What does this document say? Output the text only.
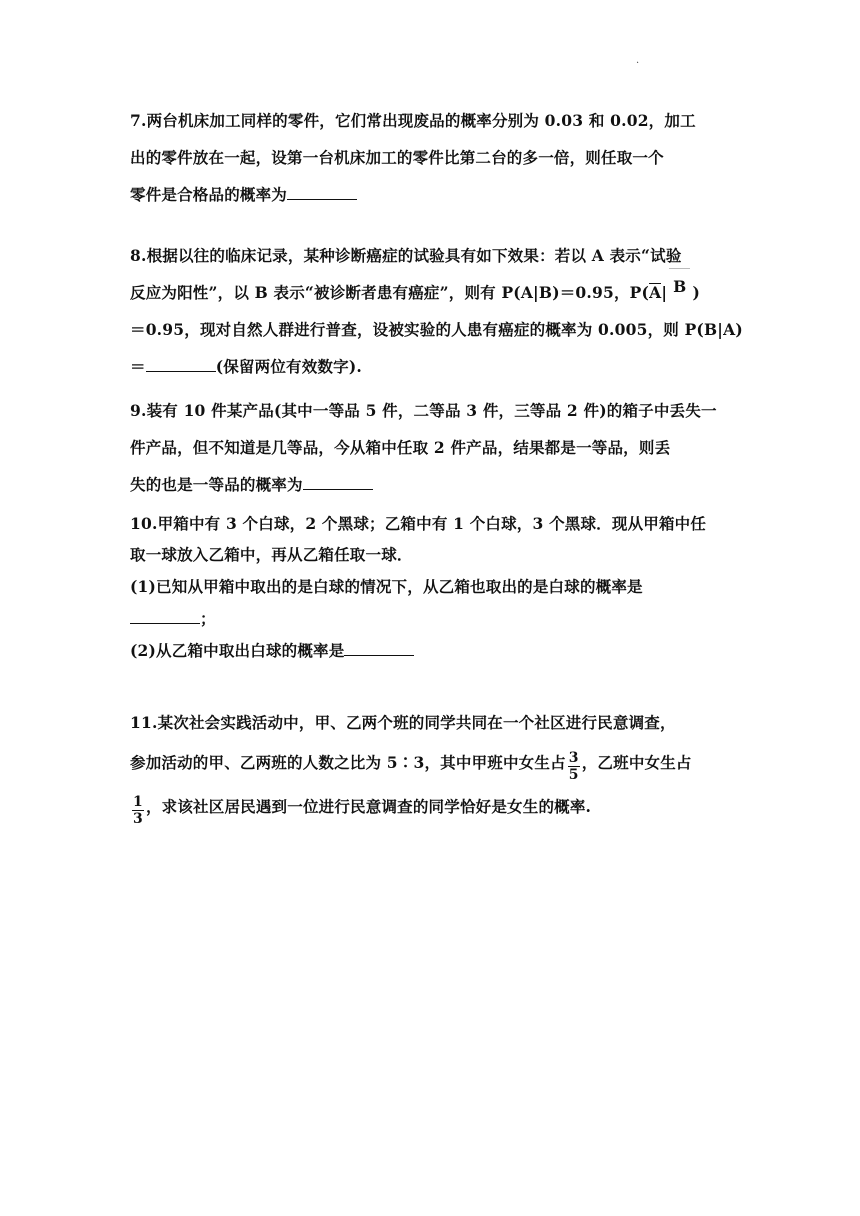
·

7.两台机床加工同样的零件，它们常出现废品的概率分别为 0.03 和 0.02，加工

出的零件放在一起，设第一台机床加工的零件比第二台的多一倍，则任取一个

零件是合格品的概率为

8.根据以往的临床记录，某种诊断癌症的试验具有如下效果：若以 A 表示“试验

反应为阳性”，以 B 表示“被诊断者患有癌症”，则有 P(A|B)＝0.95，P(A| B )

＝0.95，现对自然人群进行普查，设被实验的人患有癌症的概率为 0.005，则 P(B|A)

＝	(保留两位有效数字).

9.装有 10 件某产品(其中一等品 5 件，二等品 3 件，三等品 2 件)的箱子中丢失一

件产品，但不知道是几等品，今从箱中任取 2 件产品，结果都是一等品，则丢

失的也是一等品的概率为

10.甲箱中有 3 个白球，2 个黑球；乙箱中有 1 个白球，3 个黑球．现从甲箱中任

取一球放入乙箱中，再从乙箱任取一球．

(1)已知从甲箱中取出的是白球的情况下，从乙箱也取出的是白球的概率是

；

(2)从乙箱中取出白球的概率是

11.某次社会实践活动中，甲、乙两个班的同学共同在一个社区进行民意调查，

参加活动的甲、乙两班的人数之比为 5∶3，其中甲班中女生占 $\frac{3}{5}$ ，乙班中女生占

$\frac{1}{3}$ ，求该社区居民遇到一位进行民意调查的同学恰好是女生的概率.
